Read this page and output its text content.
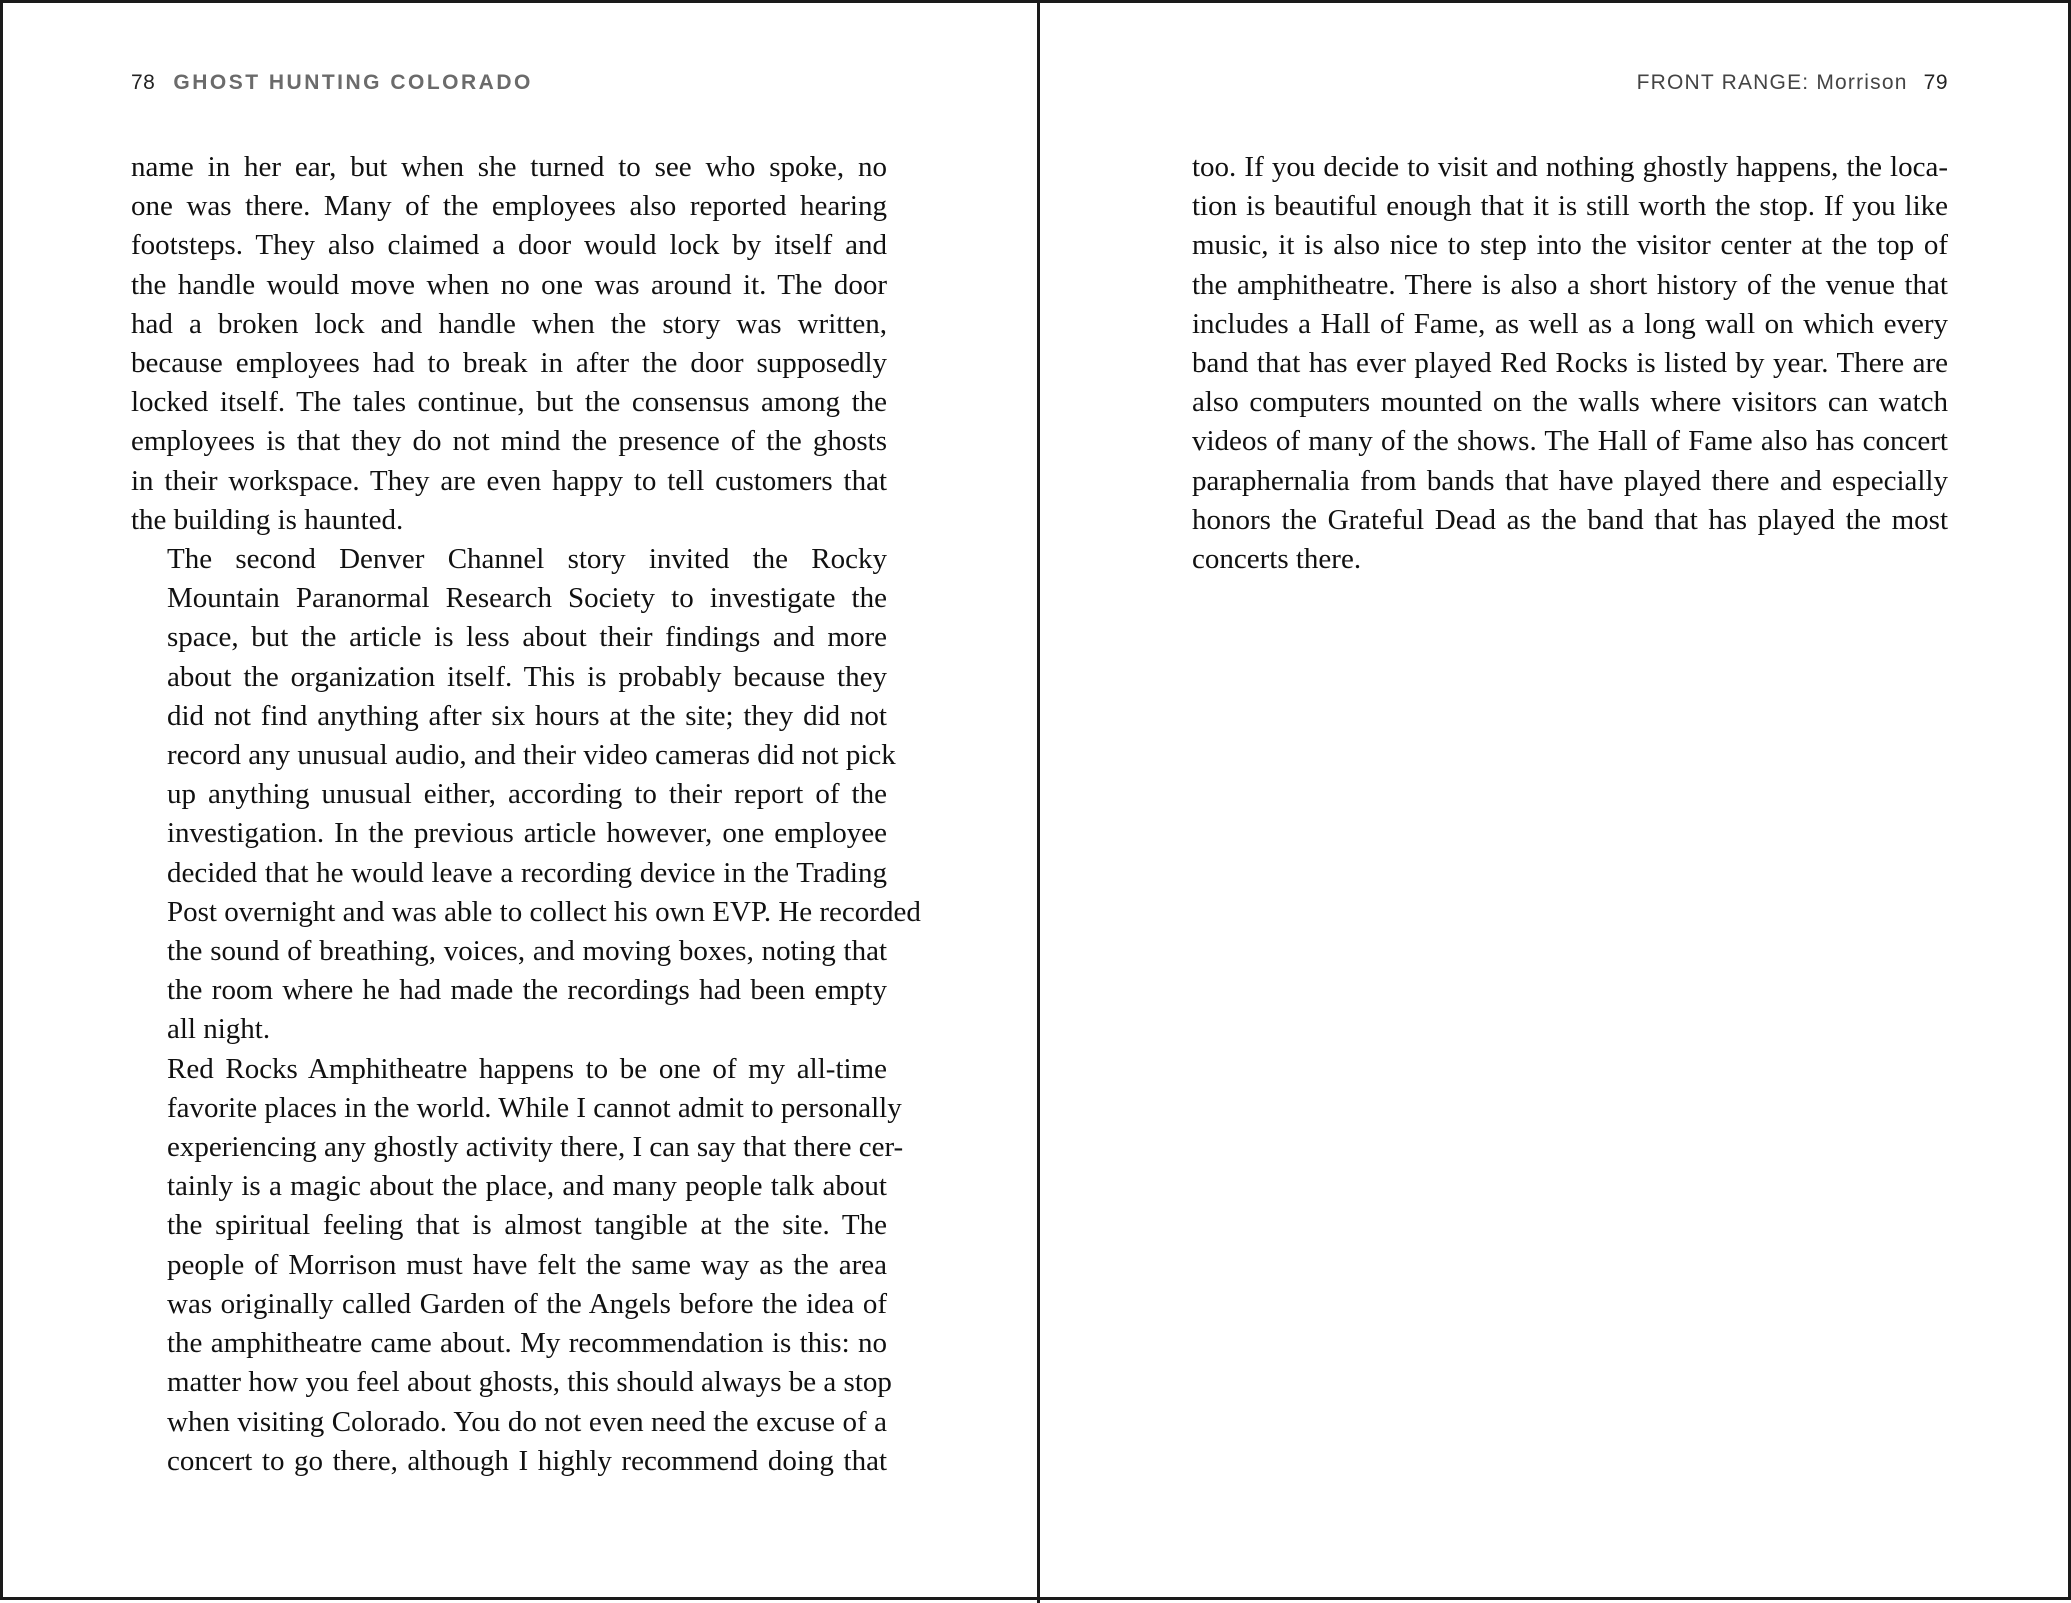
78 GHOST HUNTING COLORADO

name in her ear, but when she turned to see who spoke, no
one was there. Many of the employees also reported hearing
footsteps. They also claimed a door would lock by itself and
the handle would move when no one was around it. The door
had a broken lock and handle when the story was written,
because employees had to break in after the door supposedly
locked itself. The tales continue, but the consensus among the
employees is that they do not mind the presence of the ghosts
in their workspace. They are even happy to tell customers that
the building is haunted.

The second Denver Channel story invited the Rocky
Mountain Paranormal Research Society to investigate the
space, but the article is less about their findings and more
about the organization itself. This is probably because they
did not find anything after six hours at the site; they did not
record any unusual audio, and their video cameras did not pick
up anything unusual either, according to their report of the
investigation. In the previous article however, one employee
decided that he would leave a recording device in the Trading
Post overnight and was able to collect his own EVP. He recorded
the sound of breathing, voices, and moving boxes, noting that
the room where he had made the recordings had been empty
all night.

Red Rocks Amphitheatre happens to be one of my all-time
favorite places in the world. While I cannot admit to personally
experiencing any ghostly activity there, I can say that there cer-
tainly is a magic about the place, and many people talk about
the spiritual feeling that is almost tangible at the site. The
people of Morrison must have felt the same way as the area
was originally called Garden of the Angels before the idea of
the amphitheatre came about. My recommendation is this: no
matter how you feel about ghosts, this should always be a stop
when visiting Colorado. You do not even need the excuse of a
concert to go there, although I highly recommend doing that

FRONT RANGE: Morrison 79

too. If you decide to visit and nothing ghostly happens, the loca-
tion is beautiful enough that it is still worth the stop. If you like
music, it is also nice to step into the visitor center at the top of
the amphitheatre. There is also a short history of the venue that
includes a Hall of Fame, as well as a long wall on which every
band that has ever played Red Rocks is listed by year. There are
also computers mounted on the walls where visitors can watch
videos of many of the shows. The Hall of Fame also has concert
paraphernalia from bands that have played there and especially
honors the Grateful Dead as the band that has played the most
concerts there.
